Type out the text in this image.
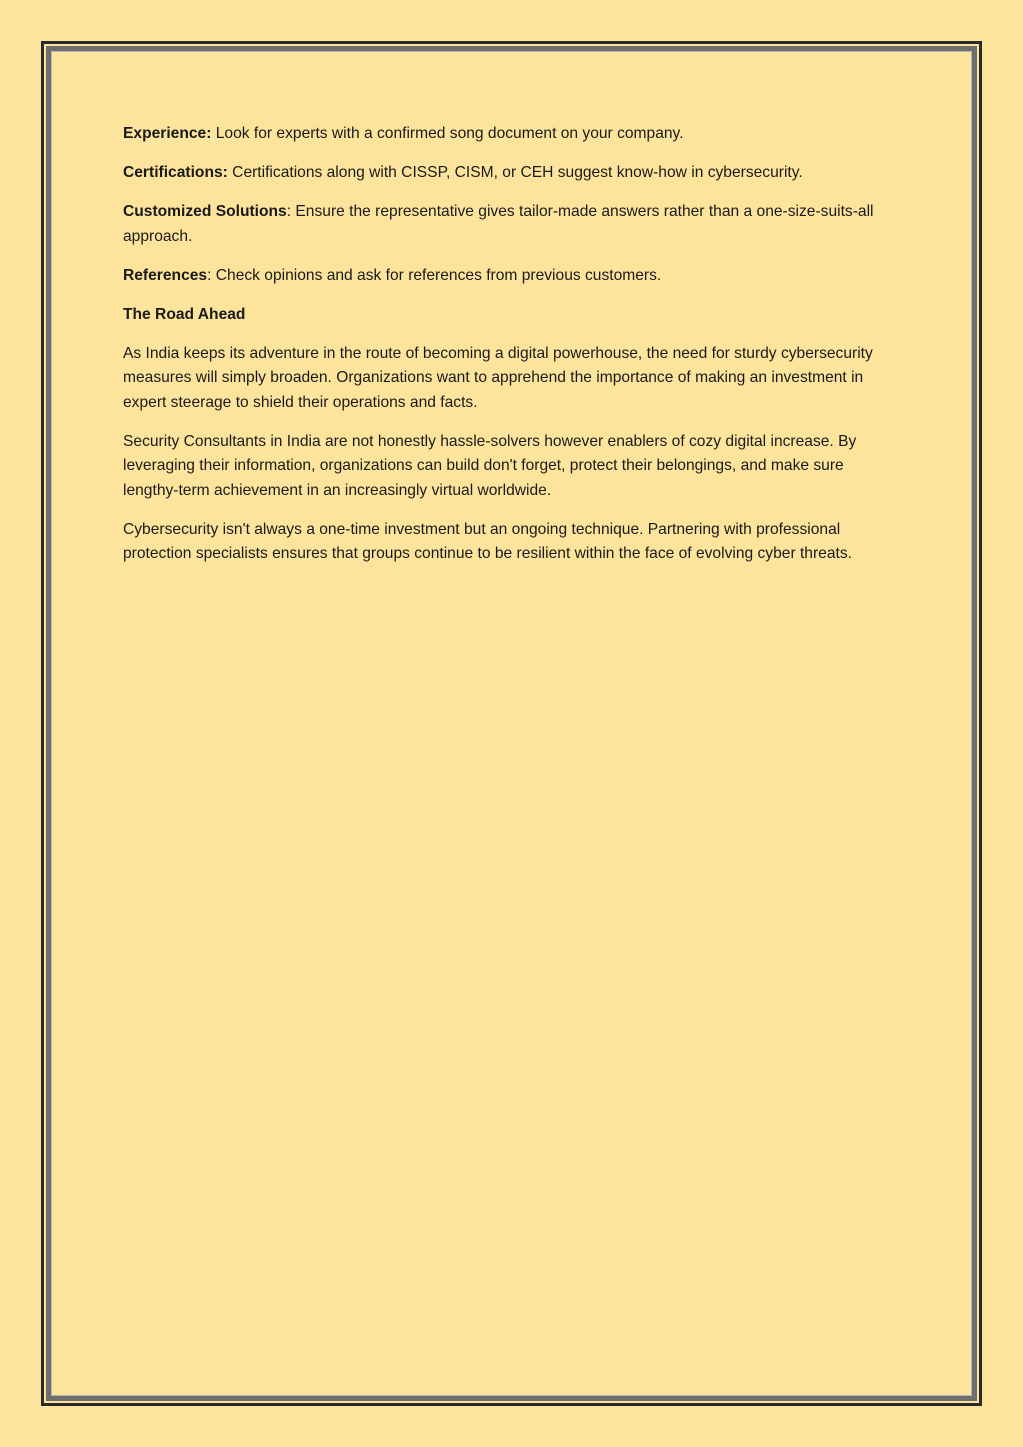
Experience: Look for experts with a confirmed song document on your company.

Certifications: Certifications along with CISSP, CISM, or CEH suggest know-how in cybersecurity.

Customized Solutions: Ensure the representative gives tailor-made answers rather than a one-size-suits-all approach.

References: Check opinions and ask for references from previous customers.

The Road Ahead

As India keeps its adventure in the route of becoming a digital powerhouse, the need for sturdy cybersecurity measures will simply broaden. Organizations want to apprehend the importance of making an investment in expert steerage to shield their operations and facts.

Security Consultants in India are not honestly hassle-solvers however enablers of cozy digital increase. By leveraging their information, organizations can build don't forget, protect their belongings, and make sure lengthy-term achievement in an increasingly virtual worldwide.

Cybersecurity isn't always a one-time investment but an ongoing technique. Partnering with professional protection specialists ensures that groups continue to be resilient within the face of evolving cyber threats.
